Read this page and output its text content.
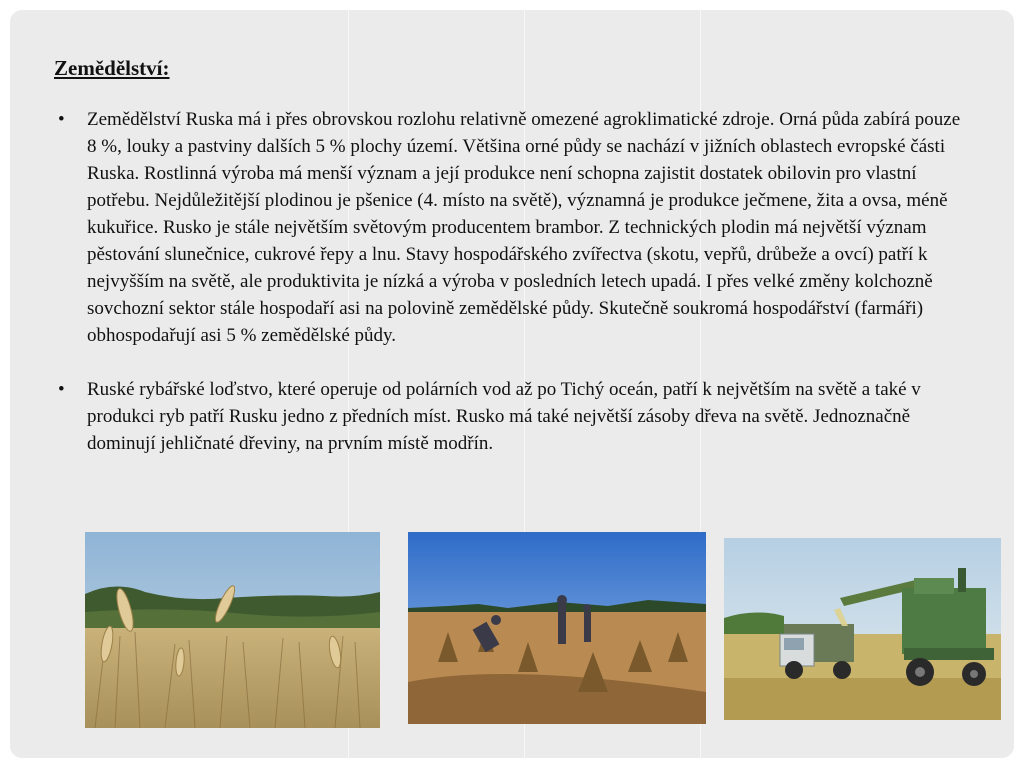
Zemědělství:
• Zemědělství Ruska má i přes obrovskou rozlohu relativně omezené agroklimatické zdroje. Orná půda zabírá pouze 8 %, louky a pastviny dalších 5 % plochy území. Většina orné půdy se nachází v jižních oblastech evropské části Ruska. Rostlinná výroba má menší význam a její produkce není schopna zajistit dostatek obilovin pro vlastní potřebu. Nejdůležitější plodinou je pšenice (4. místo na světě), významná je produkce ječmene, žita a ovsa, méně kukuřice. Rusko je stále největším světovým producentem brambor. Z technických plodin má největší význam pěstování slunečnice, cukrové řepy a lnu. Stavy hospodářského zvířectva (skotu, vepřů, drůbeže a ovcí) patří k nejvyšším na světě, ale produktivita je nízká a výroba v posledních letech upadá. I přes velké změny kolchozně sovchozní sektor stále hospodaří asi na polovině zemědělské půdy. Skutečně soukromá hospodářství (farmáři) obhospodařují asi 5 % zemědělské půdy.
• Ruské rybářské loďstvo, které operuje od polárních vod až po Tichý oceán, patří k největším na světě a také v produkci ryb patří Rusku jedno z předních míst. Rusko má také největší zásoby dřeva na světě. Jednoznačně dominují jehličnaté dřeviny, na prvním místě modřín.
